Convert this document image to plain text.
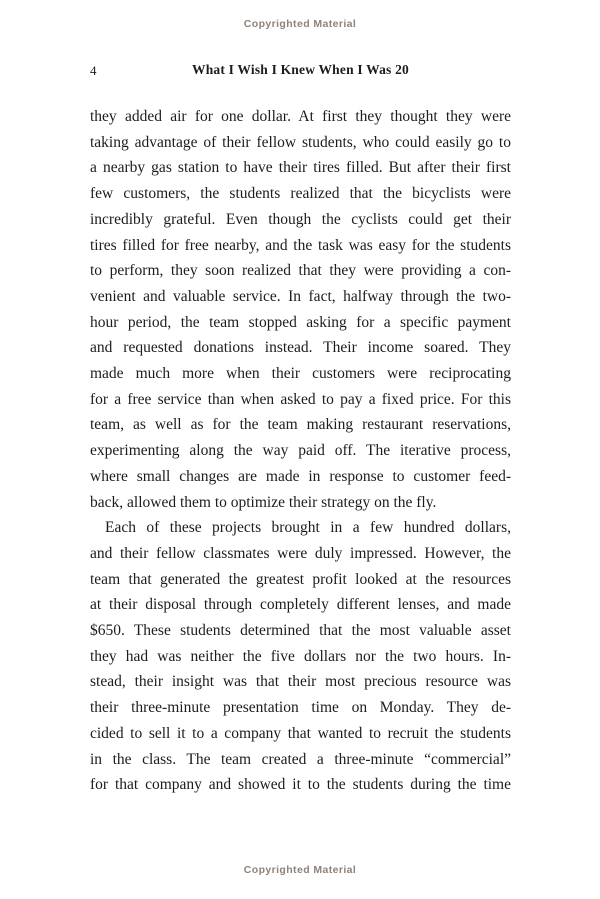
Copyrighted Material
4	What I Wish I Knew When I Was 20
they added air for one dollar. At first they thought they were
taking advantage of their fellow students, who could easily go to
a nearby gas station to have their tires filled. But after their first
few customers, the students realized that the bicyclists were
incredibly grateful. Even though the cyclists could get their
tires filled for free nearby, and the task was easy for the students
to perform, they soon realized that they were providing a con-
venient and valuable service. In fact, halfway through the two-
hour period, the team stopped asking for a specific payment
and requested donations instead. Their income soared. They
made much more when their customers were reciprocating
for a free service than when asked to pay a fixed price. For this
team, as well as for the team making restaurant reservations,
experimenting along the way paid off. The iterative process,
where small changes are made in response to customer feed-
back, allowed them to optimize their strategy on the fly.
Each of these projects brought in a few hundred dollars,
and their fellow classmates were duly impressed. However, the
team that generated the greatest profit looked at the resources
at their disposal through completely different lenses, and made
$650. These students determined that the most valuable asset
they had was neither the five dollars nor the two hours. In-
stead, their insight was that their most precious resource was
their three-minute presentation time on Monday. They de-
cided to sell it to a company that wanted to recruit the students
in the class. The team created a three-minute “commercial”
for that company and showed it to the students during the time
Copyrighted Material
